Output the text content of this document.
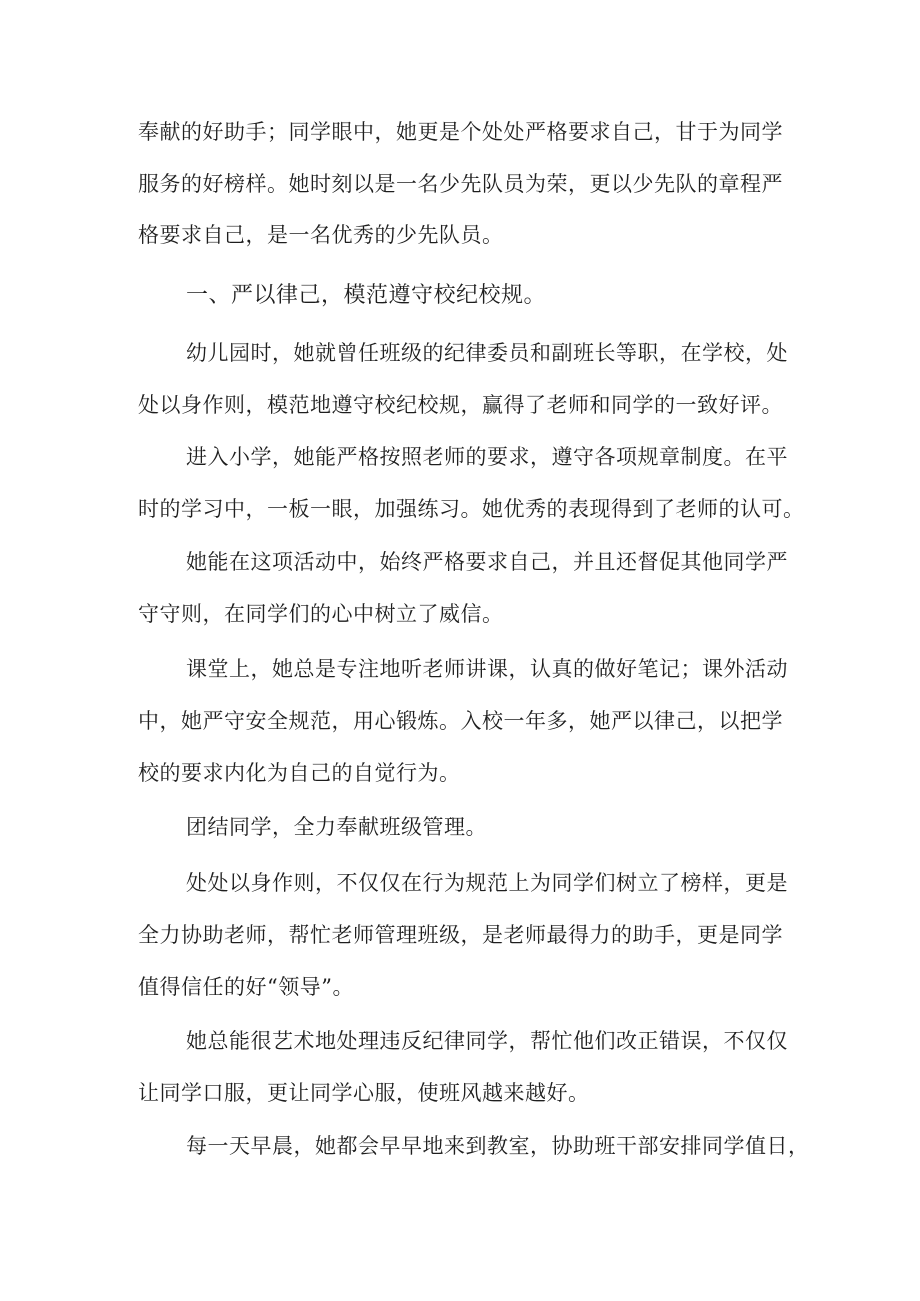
奉献的好助手；同学眼中，她更是个处处严格要求自己，甘于为同学
服务的好榜样。她时刻以是一名少先队员为荣，更以少先队的章程严
格要求自己，是一名优秀的少先队员。
一、严以律己，模范遵守校纪校规。
幼儿园时，她就曾任班级的纪律委员和副班长等职，在学校，处
处以身作则，模范地遵守校纪校规，赢得了老师和同学的一致好评。
进入小学，她能严格按照老师的要求，遵守各项规章制度。在平
时的学习中，一板一眼，加强练习。她优秀的表现得到了老师的认可。
她能在这项活动中，始终严格要求自己，并且还督促其他同学严
守守则，在同学们的心中树立了威信。
课堂上，她总是专注地听老师讲课，认真的做好笔记；课外活动
中，她严守安全规范，用心锻炼。入校一年多，她严以律己，以把学
校的要求内化为自己的自觉行为。
团结同学，全力奉献班级管理。
处处以身作则，不仅仅在行为规范上为同学们树立了榜样，更是
全力协助老师，帮忙老师管理班级，是老师最得力的助手，更是同学
值得信任的好“领导”。
她总能很艺术地处理违反纪律同学，帮忙他们改正错误，不仅仅
让同学口服，更让同学心服，使班风越来越好。
每一天早晨，她都会早早地来到教室，协助班干部安排同学值日，
